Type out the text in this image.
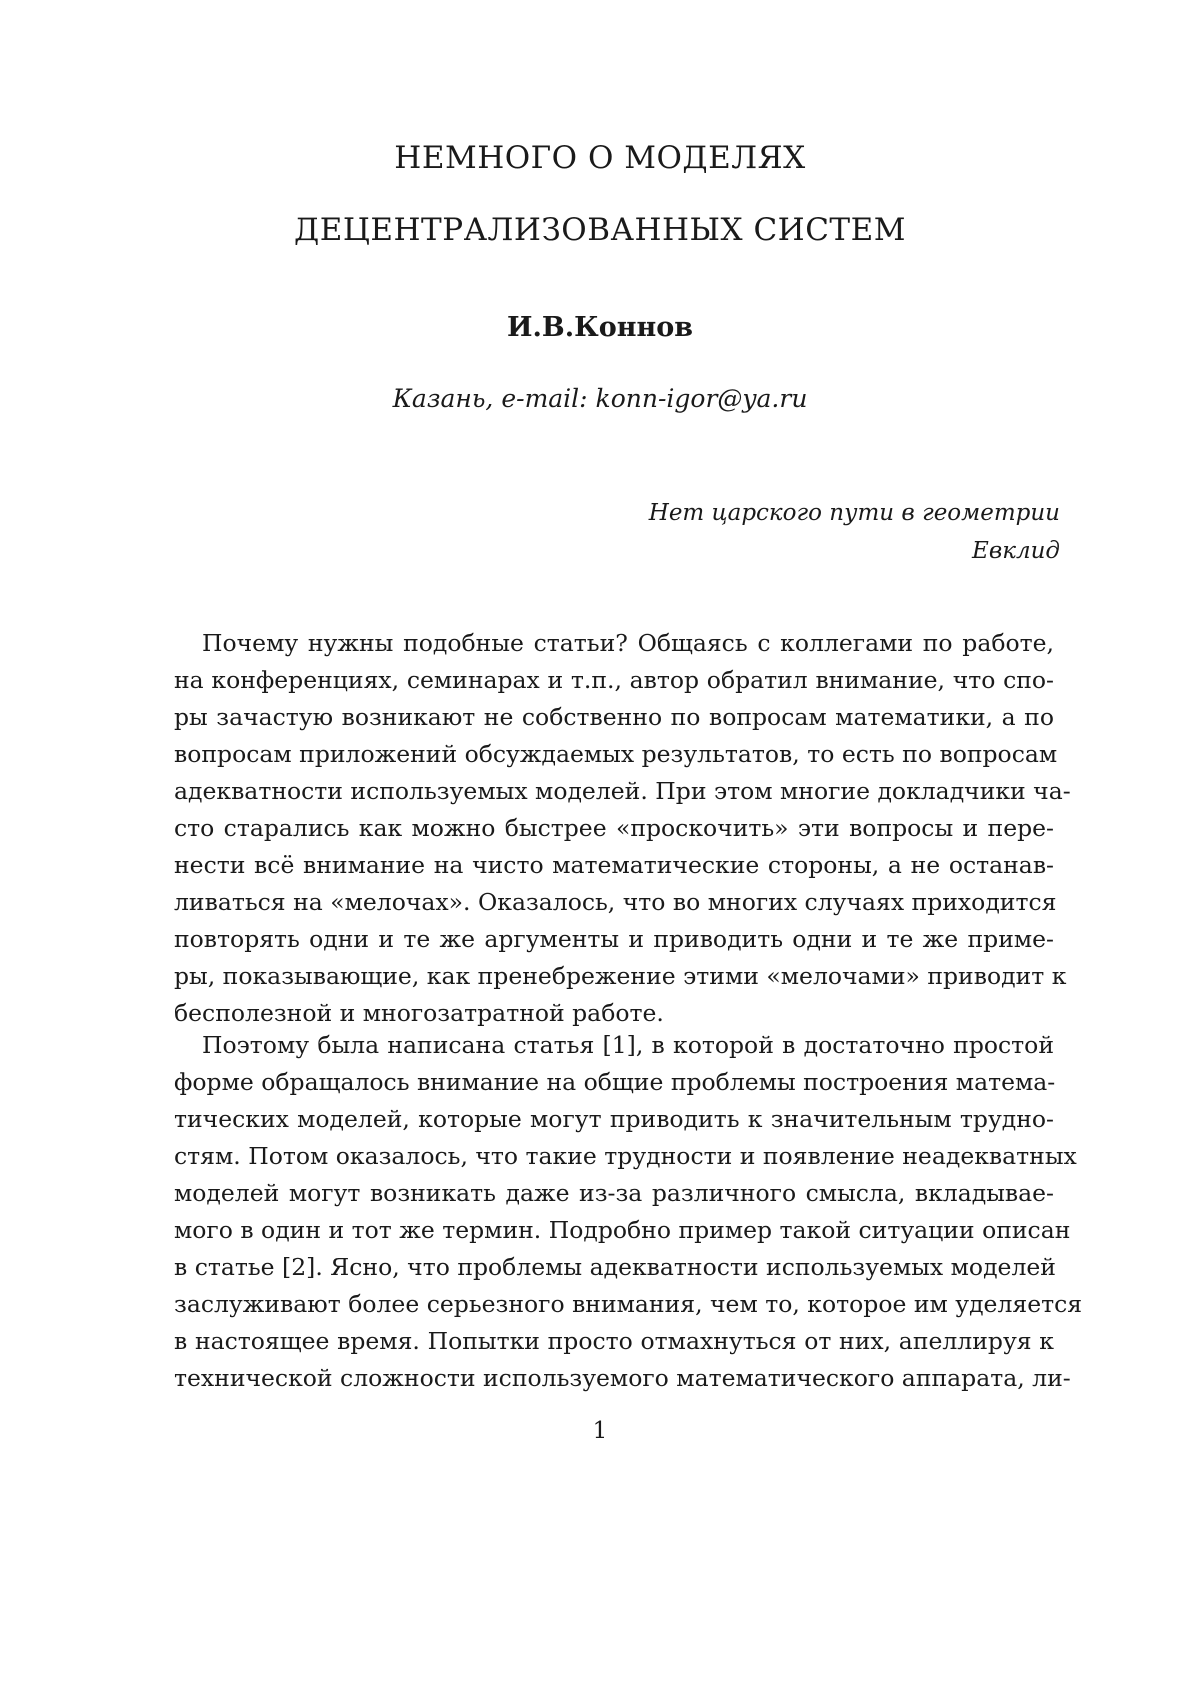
НЕМНОГО О МОДЕЛЯХ
ДЕЦЕНТРАЛИЗОВАННЫХ СИСТЕМ
И.В.Коннов
Казань, e-mail: konn-igor@ya.ru
Нет царского пути в геометрии
Евклид
Почему нужны подобные статьи? Общаясь с коллегами по работе,
на конференциях, семинарах и т.п., автор обратил внимание, что спо-
ры зачастую возникают не собственно по вопросам математики, а по
вопросам приложений обсуждаемых результатов, то есть по вопросам
адекватности используемых моделей. При этом многие докладчики ча-
сто старались как можно быстрее «проскочить» эти вопросы и пере-
нести всё внимание на чисто математические стороны, а не останав-
ливаться на «мелочах». Оказалось, что во многих случаях приходится
повторять одни и те же аргументы и приводить одни и те же приме-
ры, показывающие, как пренебрежение этими «мелочами» приводит к
бесполезной и многозатратной работе.
Поэтому была написана статья [1], в которой в достаточно простой
форме обращалось внимание на общие проблемы построения матема-
тических моделей, которые могут приводить к значительным трудно-
стям. Потом оказалось, что такие трудности и появление неадекватных
моделей могут возникать даже из-за различного смысла, вкладывае-
мого в один и тот же термин. Подробно пример такой ситуации описан
в статье [2]. Ясно, что проблемы адекватности используемых моделей
заслуживают более серьезного внимания, чем то, которое им уделяется
в настоящее время. Попытки просто отмахнуться от них, апеллируя к
технической сложности используемого математического аппарата, ли-
1
